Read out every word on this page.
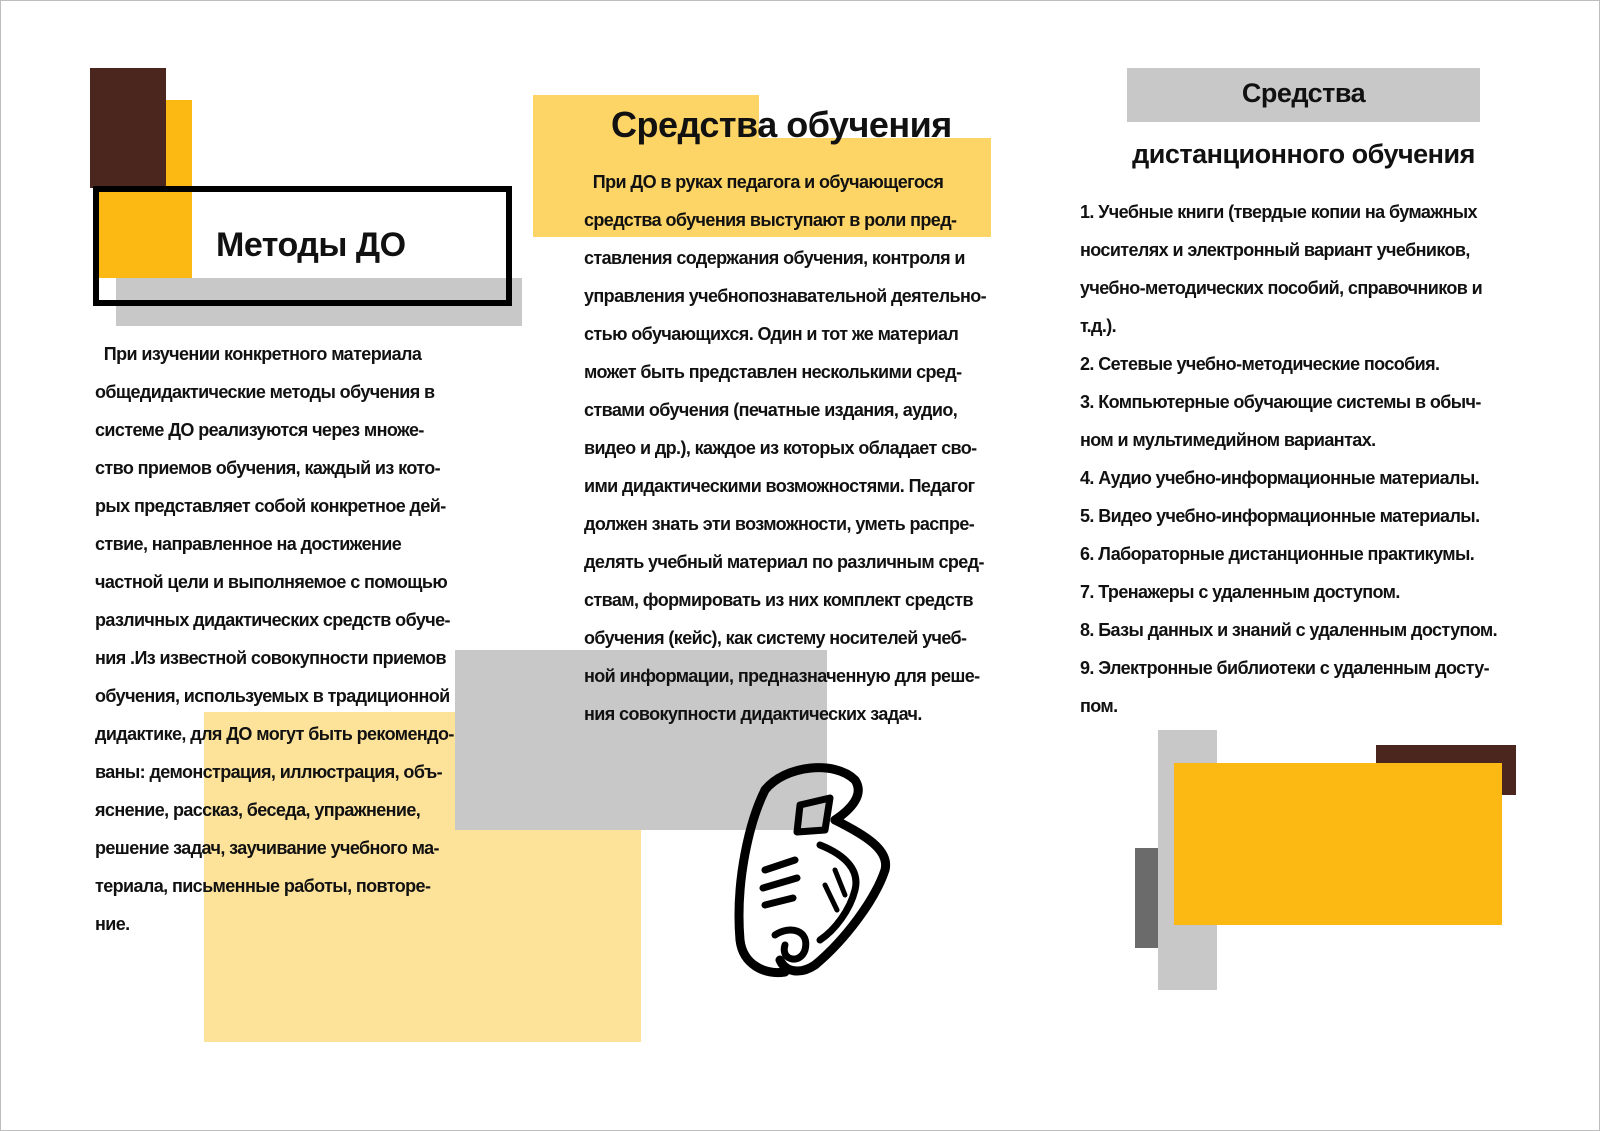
Методы ДО
При изучении конкретного материала
общедидактические методы обучения в
системе ДО реализуются через множе-
ство приемов обучения, каждый из кото-
рых представляет собой конкретное дей-
ствие, направленное на достижение
частной цели и выполняемое с помощью
различных дидактических средств обуче-
ния .Из известной совокупности приемов
обучения, используемых в традиционной
дидактике, для ДО могут быть рекомендо-
ваны: демонстрация, иллюстрация, объ-
яснение, рассказ, беседа, упражнение,
решение задач, заучивание учебного ма-
териала, письменные работы, повторе-
ние.
Средства обучения
При ДО в руках педагога и обучающегося
средства обучения выступают в роли пред-
ставления содержания обучения, контроля и
управления учебнопознавательной деятельно-
стью обучающихся. Один и тот же материал
может быть представлен несколькими сред-
ствами обучения (печатные издания, аудио,
видео и др.), каждое из которых обладает сво-
ими дидактическими возможностями. Педагог
должен знать эти возможности, уметь распре-
делять учебный материал по различным сред-
ствам, формировать из них комплект средств
обучения (кейс), как систему носителей учеб-
ной информации, предназначенную для реше-
ния совокупности дидактических задач.
Средства
дистанционного обучения
1. Учебные книги (твердые копии на бумажных
носителях и электронный вариант учебников,
учебно-методических пособий, справочников и
т.д.).
2. Сетевые учебно-методические пособия.
3. Компьютерные обучающие системы в обыч-
ном и мультимедийном вариантах.
4. Аудио учебно-информационные материалы.
5. Видео учебно-информационные материалы.
6. Лабораторные дистанционные практикумы.
7. Тренажеры с удаленным доступом.
8. Базы данных и знаний с удаленным доступом.
9. Электронные библиотеки с удаленным досту-
пом.
